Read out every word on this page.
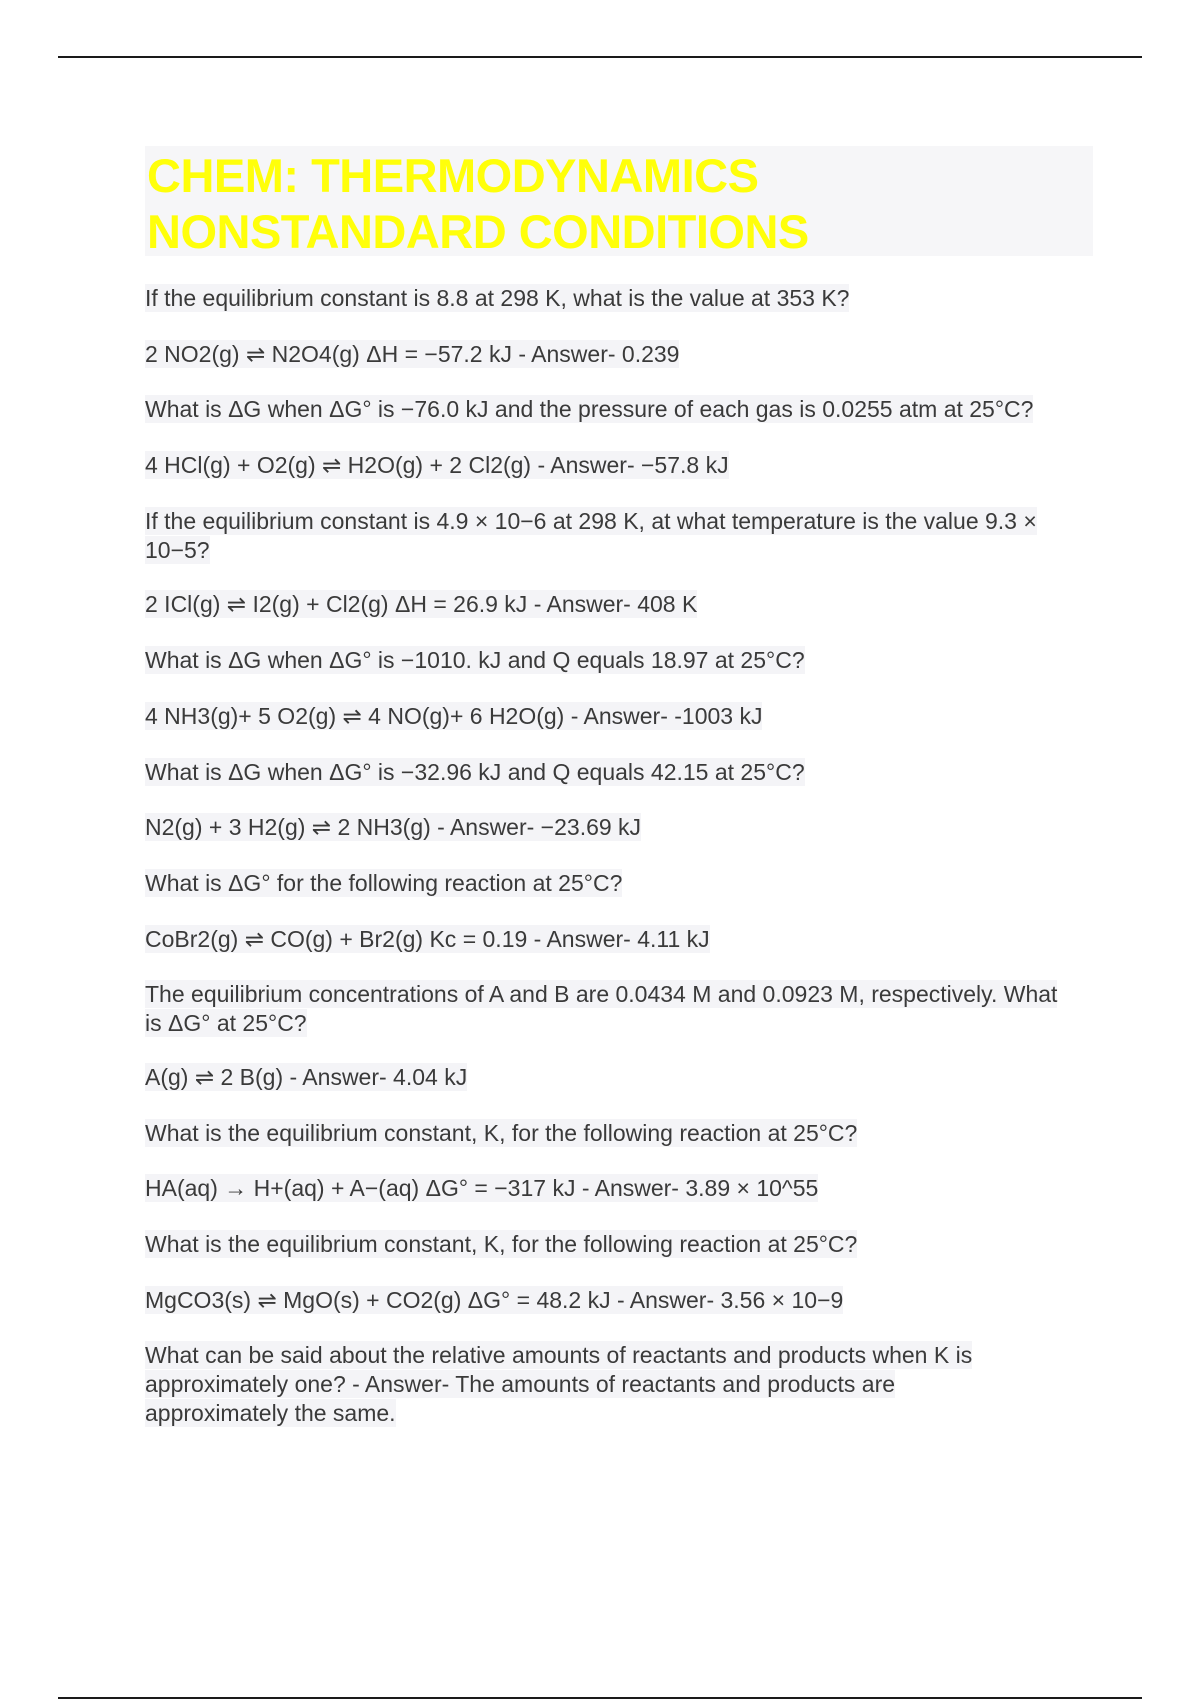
CHEM: THERMODYNAMICS
NONSTANDARD CONDITIONS

If the equilibrium constant is 8.8 at 298 K, what is the value at 353 K?

2 NO2(g) ⇌ N2O4(g) ΔH = −57.2 kJ - Answer- 0.239

What is ΔG when ΔG° is −76.0 kJ and the pressure of each gas is 0.0255 atm at 25°C?

4 HCl(g) + O2(g) ⇌ H2O(g) + 2 Cl2(g) - Answer- −57.8 kJ

If the equilibrium constant is 4.9 × 10−6 at 298 K, at what temperature is the value 9.3 × 10−5?

2 ICl(g) ⇌ I2(g) + Cl2(g) ΔH = 26.9 kJ - Answer- 408 K

What is ΔG when ΔG° is −1010. kJ and Q equals 18.97 at 25°C?

4 NH3(g)+ 5 O2(g) ⇌ 4 NO(g)+ 6 H2O(g) - Answer- -1003 kJ

What is ΔG when ΔG° is −32.96 kJ and Q equals 42.15 at 25°C?

N2(g) + 3 H2(g) ⇌ 2 NH3(g) - Answer- −23.69 kJ

What is ΔG° for the following reaction at 25°C?

CoBr2(g) ⇌ CO(g) + Br2(g) Kc = 0.19 - Answer- 4.11 kJ

The equilibrium concentrations of A and B are 0.0434 M and 0.0923 M, respectively. What is ΔG° at 25°C?

A(g) ⇌ 2 B(g) - Answer- 4.04 kJ

What is the equilibrium constant, K, for the following reaction at 25°C?

HA(aq) → H+(aq) + A−(aq) ΔG° = −317 kJ - Answer- 3.89 × 10^55

What is the equilibrium constant, K, for the following reaction at 25°C?

MgCO3(s) ⇌ MgO(s) + CO2(g) ΔG° = 48.2 kJ - Answer- 3.56 × 10−9

What can be said about the relative amounts of reactants and products when K is approximately one? - Answer- The amounts of reactants and products are approximately the same.
